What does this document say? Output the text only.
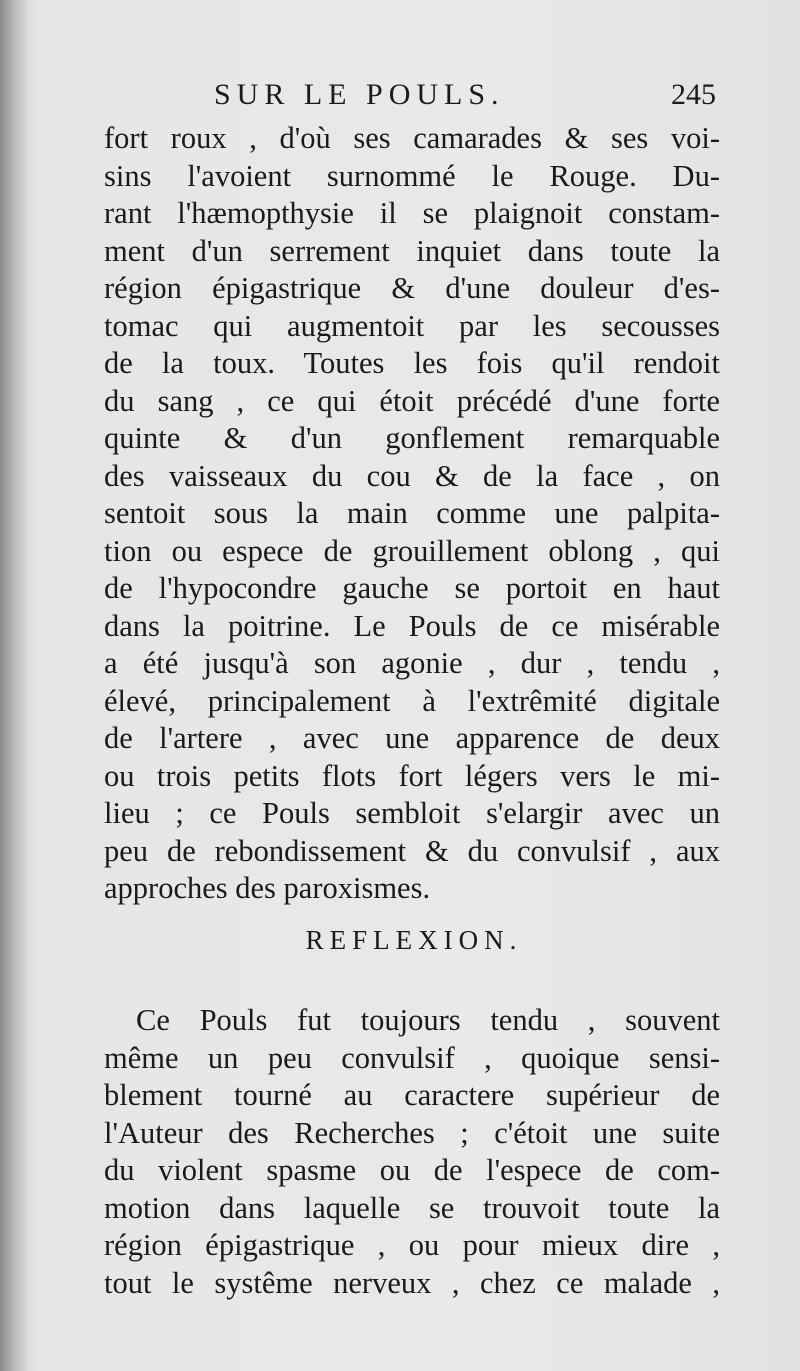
SUR LE POULS.	245
fort roux , d'où ses camarades & ses voi-
sins l'avoient surnommé le Rouge. Du-
rant l'hæmopthysie il se plaignoit constam-
ment d'un serrement inquiet dans toute la
région épigastrique & d'une douleur d'es-
tomac qui augmentoit par les secousses
de la toux. Toutes les fois qu'il rendoit
du sang , ce qui étoit précédé d'une forte
quinte & d'un gonflement remarquable
des vaisseaux du cou & de la face , on
sentoit sous la main comme une palpita-
tion ou espece de grouillement oblong , qui
de l'hypocondre gauche se portoit en haut
dans la poitrine. Le Pouls de ce misérable
a été jusqu'à son agonie , dur , tendu ,
élevé, principalement à l'extrêmité digitale
de l'artere , avec une apparence de deux
ou trois petits flots fort légers vers le mi-
lieu ; ce Pouls sembloit s'elargir avec un
peu de rebondissement & du convulsif , aux
approches des paroxismes.
REFLEXION.
Ce Pouls fut toujours tendu , souvent
même un peu convulsif , quoique sensi-
blement tourné au caractere supérieur de
l'Auteur des Recherches ; c'étoit une suite
du violent spasme ou de l'espece de com-
motion dans laquelle se trouvoit toute la
région épigastrique , ou pour mieux dire ,
tout le systême nerveux , chez ce malade ,
